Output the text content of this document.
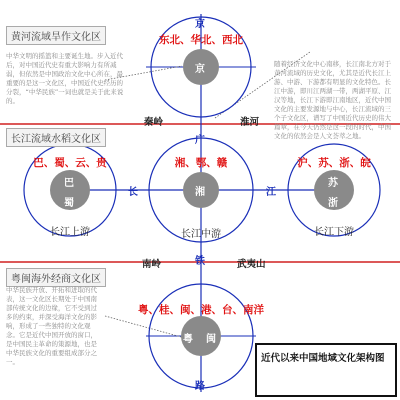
黄河流域旱作文化区
长江流域水稻文化区
粤闽海外经商文化区
中华文明的摇篮和主要诞生地。步入近代后，对中国近代史有重大影响力有所减弱，但依然是中国政治文化中心所在，最重要的是这一文化区，中国近代史经历的分裂，“中华民族”一词也就是关于此来说的。
随着经济文化中心南移，长江南北方对于黄河流域的历史文化，尤其是近代长江上游、中游、下游都有明显的文化特色。长江中游，即川江两湖一带，两湖平原、江汉等地，长江下游即江南地区，近代中国文化的主要发源地与中心，长江流域的三个子文化区，谱写了中国近代历史的伟大篇章，在今天仍然是这一段的时代，中国文化的依然会是人文荟萃之地。
中华民族开放、开拓和进取的代表，这一文化区长期处于中国南部传统文化的边缘，它不受到过多的约束，并深受海洋文化的影响，形成了一些独特的文化观念。它是近代中国开放的窗口，是中国民主革命的策源地，也是中华民族文化的重要组成部分之一。
京
东北、华北、西北
京
秦岭	淮河
南岭	武夷山
广
湘、鄂、赣
湘
长江中游
巴、蜀、云、贵
巴
蜀
长江上游
沪、苏、浙、皖
苏
浙
长江下游
长	江
铁
路
粤、桂、闽、港、台、南洋
粤 闽
近代以来中国地域文化架构图
